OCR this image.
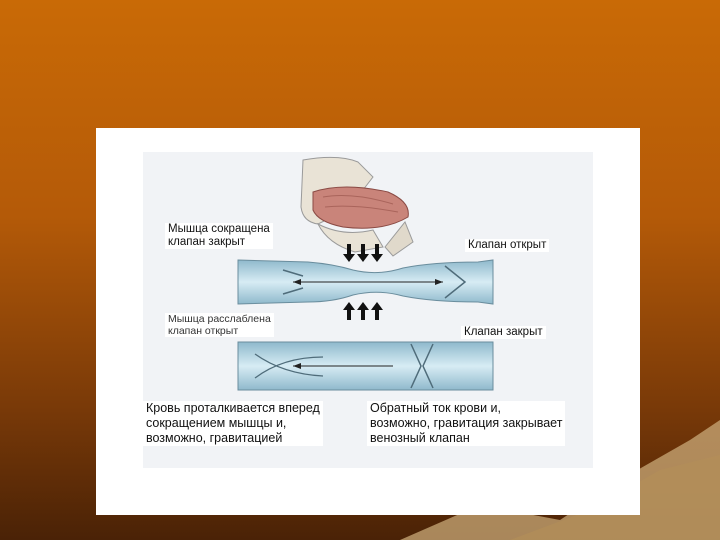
Мышца сокращена
клапан закрыт	Клапан открыт
Мышца расслаблена
клапан открыт	Клапан закрыт
Кровь проталкивается вперед
сокращением мышцы и,
возможно, гравитацией
Обратный ток крови и,
возможно, гравитация закрывает
венозный клапан
